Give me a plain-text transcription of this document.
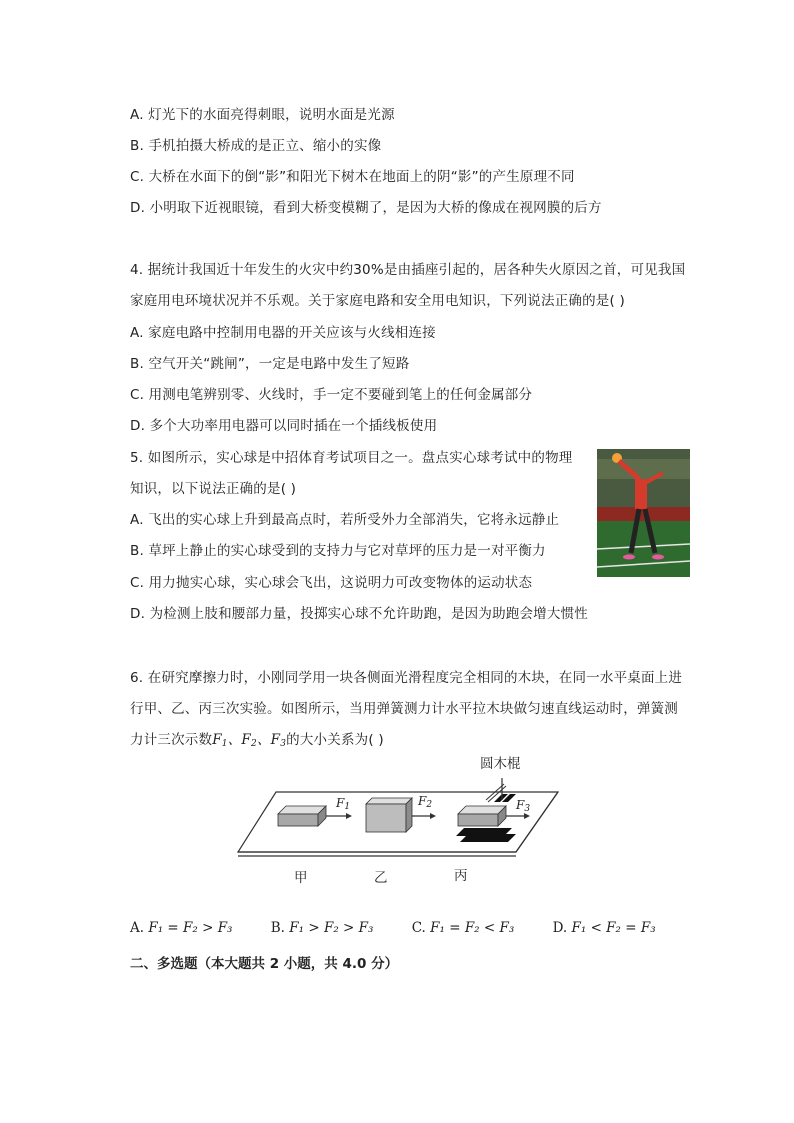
A. 灯光下的水面亮得刺眼，说明水面是光源
B. 手机拍摄大桥成的是正立、缩小的实像
C. 大桥在水面下的倒“影”和阳光下树木在地面上的阴“影”的产生原理不同
D. 小明取下近视眼镜，看到大桥变模糊了，是因为大桥的像成在视网膜的后方
4. 据统计我国近十年发生的火灾中约30%是由插座引起的，居各种失火原因之首，可见我国
家庭用电环境状况并不乐观。关于家庭电路和安全用电知识，下列说法正确的是( )
A. 家庭电路中控制用电器的开关应该与火线相连接
B. 空气开关“跳闸”，一定是电路中发生了短路
C. 用测电笔辨别零、火线时，手一定不要碰到笔上的任何金属部分
D. 多个大功率用电器可以同时插在一个插线板使用
5. 如图所示，实心球是中招体育考试项目之一。盘点实心球考试中的物理
知识，以下说法正确的是( )
A. 飞出的实心球上升到最高点时，若所受外力全部消失，它将永远静止
B. 草坪上静止的实心球受到的支持力与它对草坪的压力是一对平衡力
C. 用力抛实心球，实心球会飞出，这说明力可改变物体的运动状态
D. 为检测上肢和腰部力量，投掷实心球不允许助跑，是因为助跑会增大惯性
6. 在研究摩擦力时，小刚同学用一块各侧面光滑程度完全相同的木块，在同一水平桌面上进
行甲、乙、丙三次实验。如图所示，当用弹簧测力计水平拉木块做匀速直线运动时，弹簧测
力计三次示数$F_1$、$F_2$、$F_3$的大小关系为( )
圆木棍
$F_1$	$F_2$	$F_3$
甲	乙	丙
A. F₁ = F₂ > F₃	B. F₁ > F₂ > F₃	C. F₁ = F₂ < F₃	D. F₁ < F₂ = F₃
二、多选题（本大题共 2 小题，共 4.0 分）
